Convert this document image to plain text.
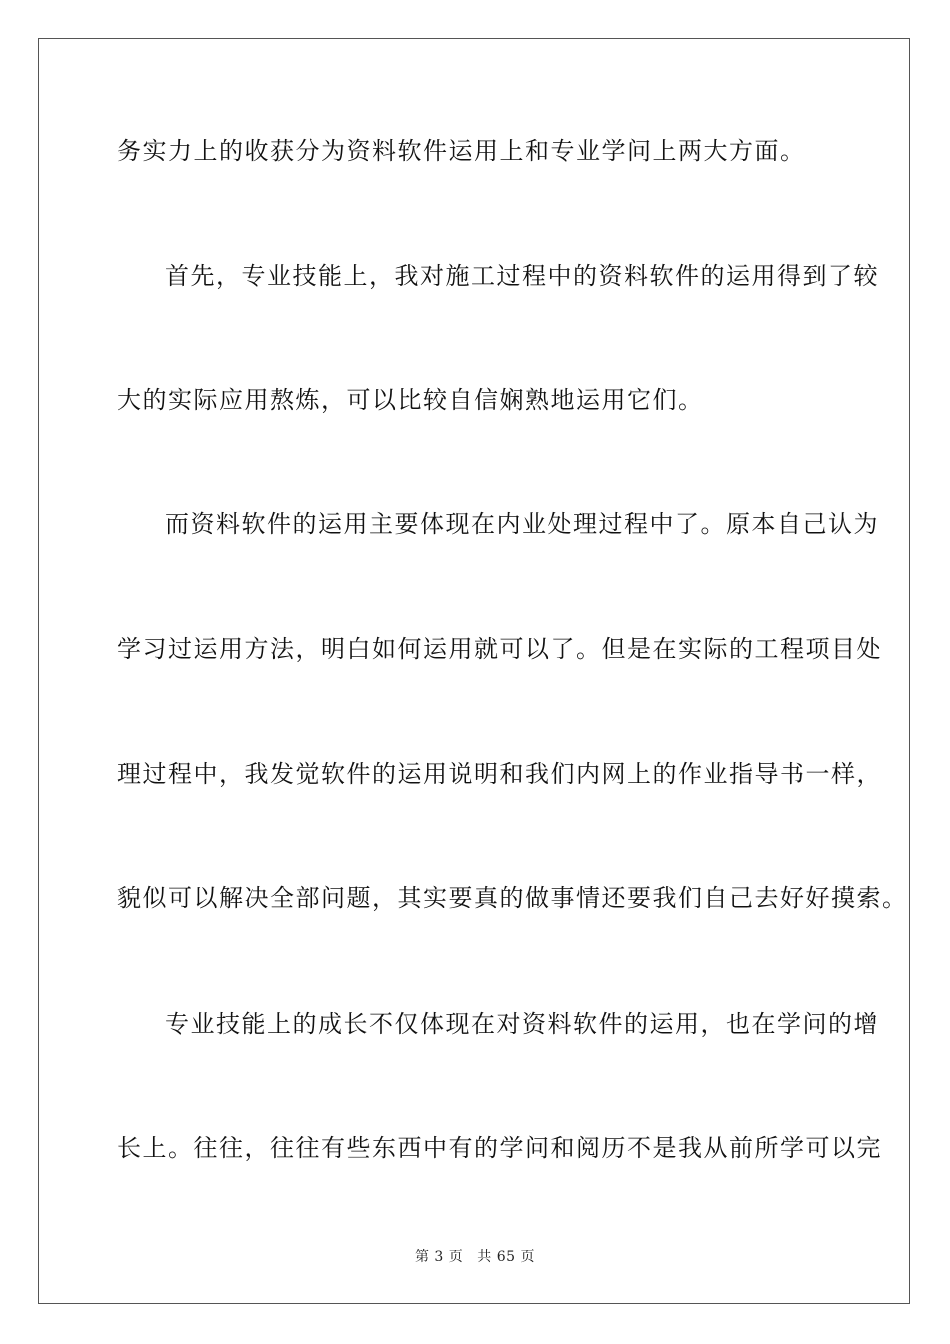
务实力上的收获分为资料软件运用上和专业学问上两大方面。
首先，专业技能上，我对施工过程中的资料软件的运用得到了较
大的实际应用熬炼，可以比较自信娴熟地运用它们。
而资料软件的运用主要体现在内业处理过程中了。原本自己认为
学习过运用方法，明白如何运用就可以了。但是在实际的工程项目处
理过程中，我发觉软件的运用说明和我们内网上的作业指导书一样，
貌似可以解决全部问题，其实要真的做事情还要我们自己去好好摸索。
专业技能上的成长不仅体现在对资料软件的运用，也在学问的增
长上。往往，往往有些东西中有的学问和阅历不是我从前所学可以完
第 3 页 共 65 页
